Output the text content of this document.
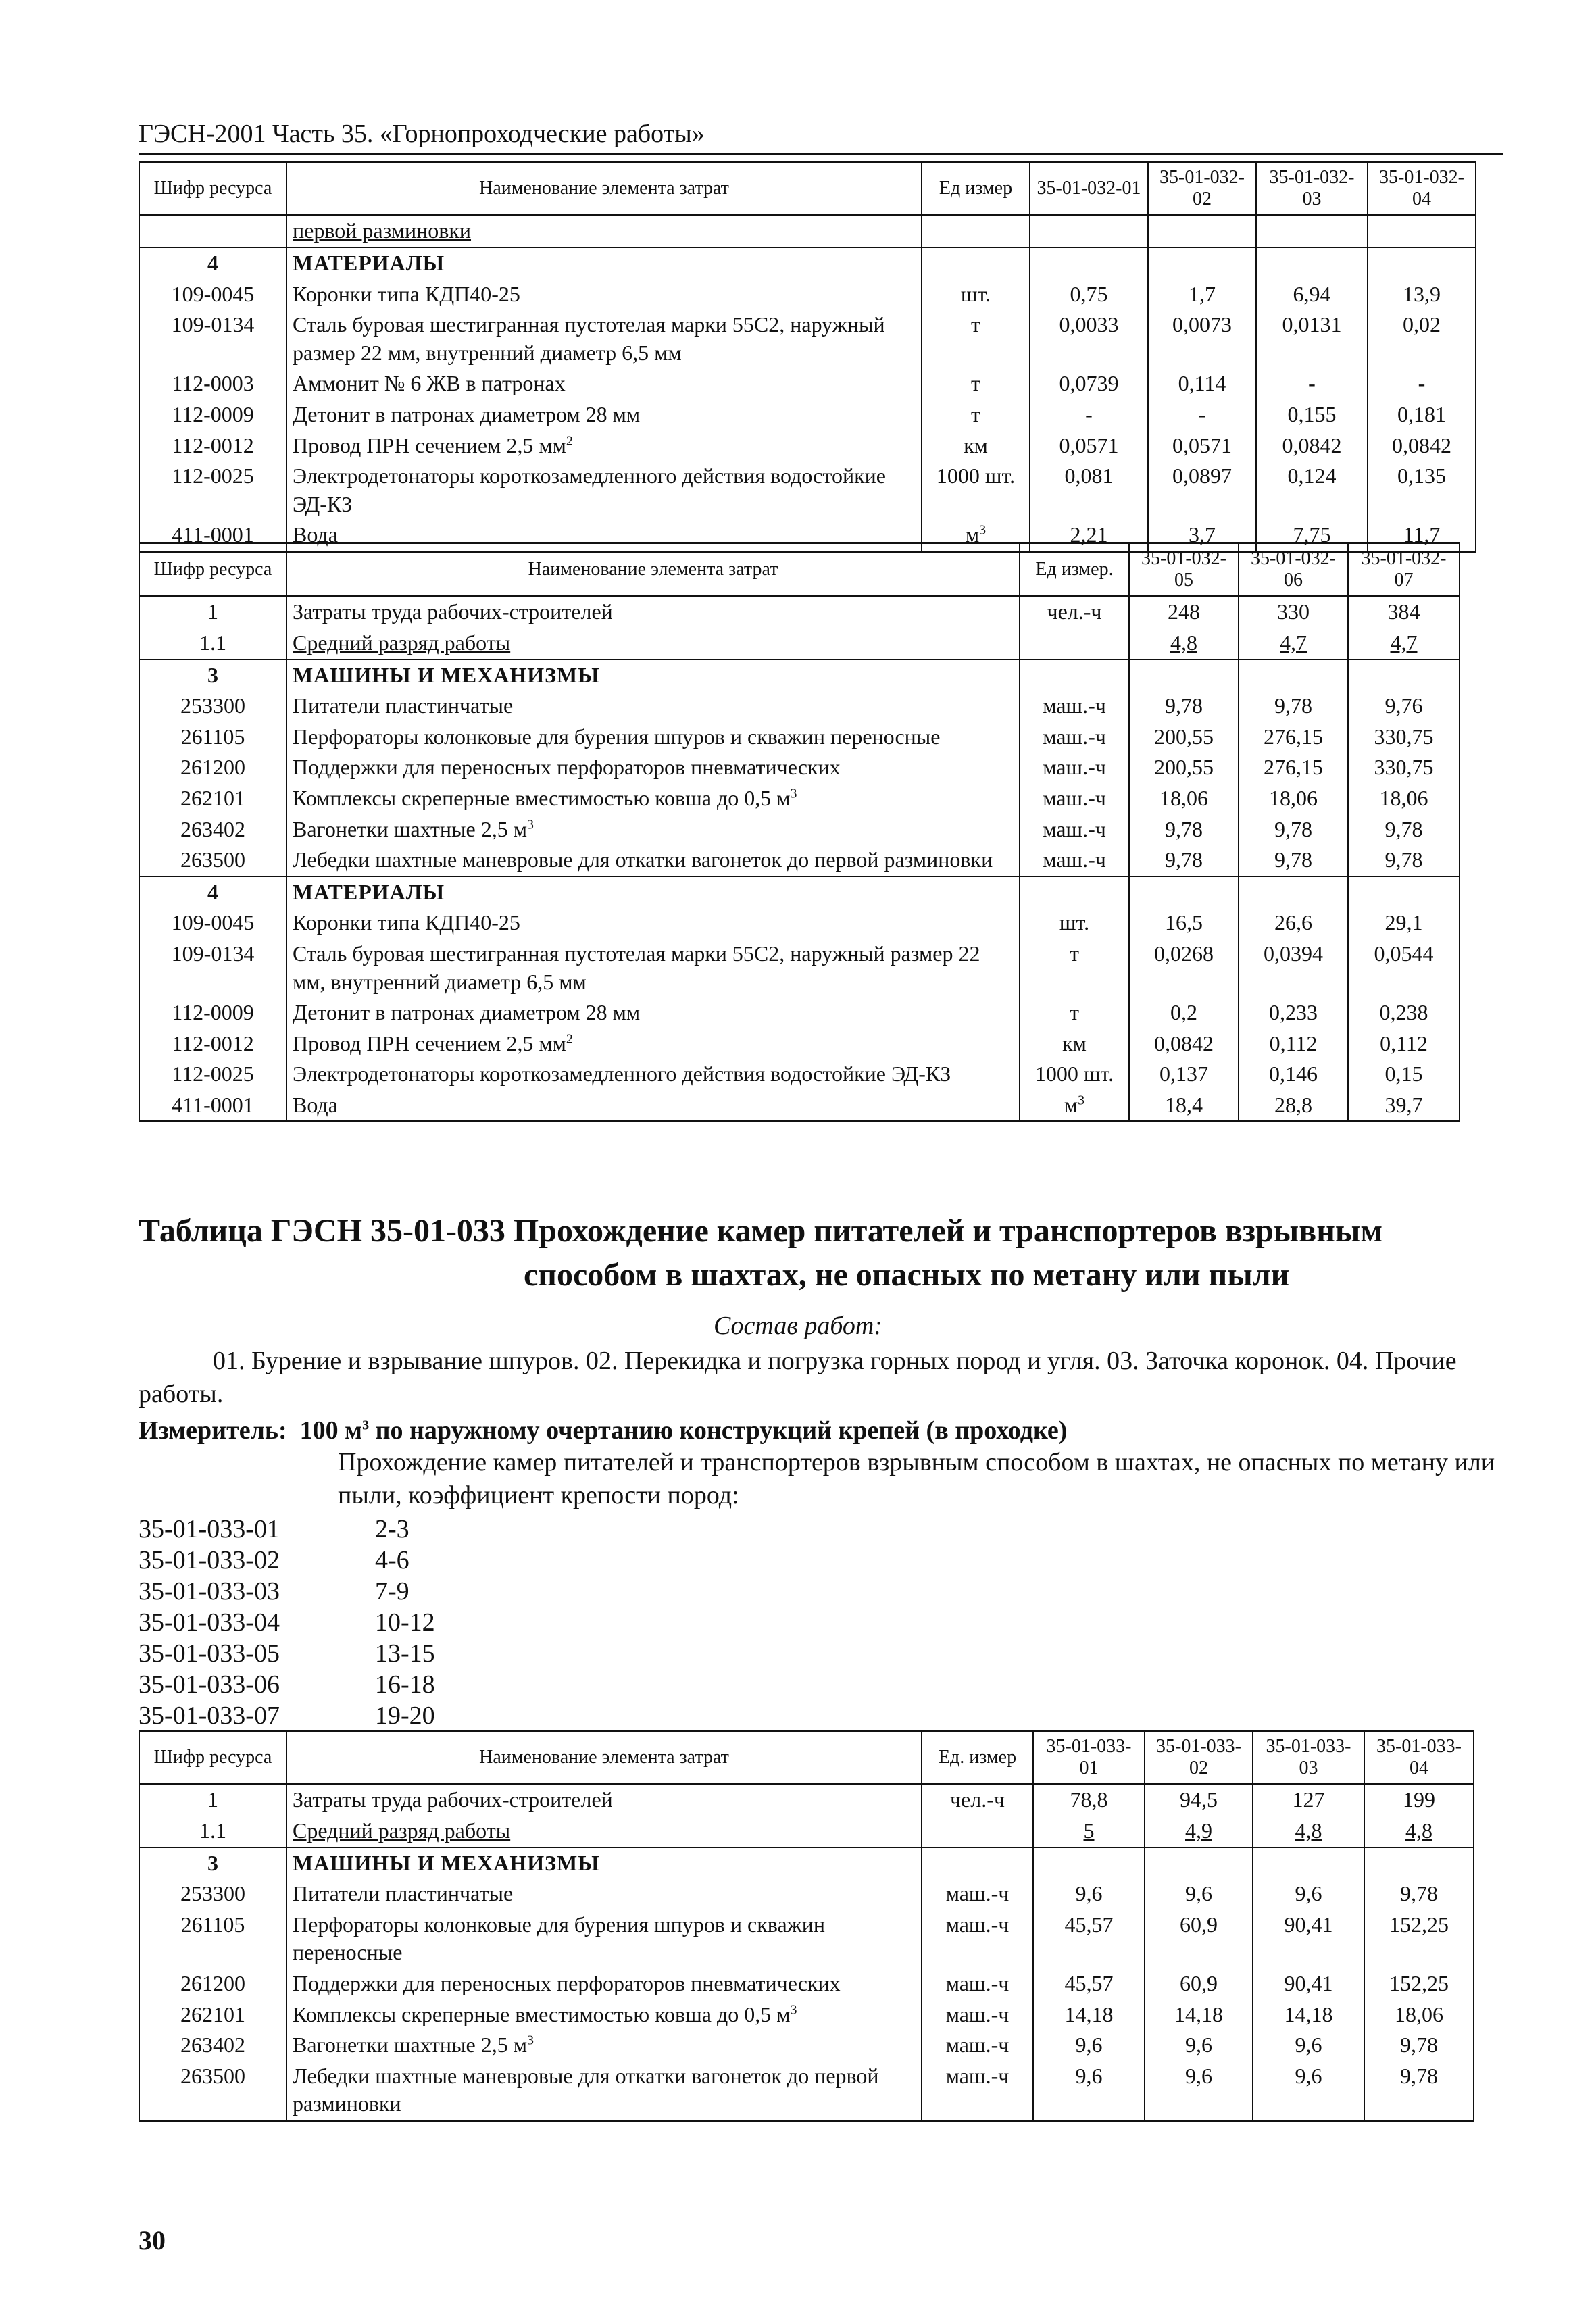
ГЭСН-2001 Часть 35. «Горнопроходческие работы»
Шифр ресурса	Наименование элемента затрат	Ед измер	35-01-032-01	35-01-032-02	35-01-032-03	35-01-032-04
	первой разминовки					
4	МАТЕРИАЛЫ					
109-0045	Коронки типа КДП40-25	шт.	0,75	1,7	6,94	13,9
109-0134	Сталь буровая шестигранная пустотелая марки 55С2, наружный размер 22 мм, внутренний диаметр 6,5 мм	т	0,0033	0,0073	0,0131	0,02
112-0003	Аммонит № 6 ЖВ в патронах	т	0,0739	0,114	-	-
112-0009	Детонит в патронах диаметром 28 мм	т	-	-	0,155	0,181
112-0012	Провод ПРН сечением 2,5 $мм^2$	км	0,0571	0,0571	0,0842	0,0842
112-0025	Электродетонаторы короткозамедленного действия водостойкие ЭД-КЗ	1000 шт.	0,081	0,0897	0,124	0,135
411-0001	Вода	$м^3$	2,21	3,7	7,75	11,7
Шифр ресурса	Наименование элемента затрат	Ед измер.	35-01-032-05	35-01-032-06	35-01-032-07
1	Затраты труда рабочих-строителей	чел.-ч	248	330	384
1.1	Средний разряд работы		4,8	4,7	4,7
3	МАШИНЫ И МЕХАНИЗМЫ				
253300	Питатели пластинчатые	маш.-ч	9,78	9,78	9,76
261105	Перфораторы колонковые для бурения шпуров и скважин переносные	маш.-ч	200,55	276,15	330,75
261200	Поддержки для переносных перфораторов пневматических	маш.-ч	200,55	276,15	330,75
262101	Комплексы скреперные вместимостью ковша до 0,5 $м^3$	маш.-ч	18,06	18,06	18,06
263402	Вагонетки шахтные 2,5 $м^3$	маш.-ч	9,78	9,78	9,78
263500	Лебедки шахтные маневровые для откатки вагонеток до первой разминовки	маш.-ч	9,78	9,78	9,78
4	МАТЕРИАЛЫ				
109-0045	Коронки типа КДП40-25	шт.	16,5	26,6	29,1
109-0134	Сталь буровая шестигранная пустотелая марки 55С2, наружный размер 22 мм, внутренний диаметр 6,5 мм	т	0,0268	0,0394	0,0544
112-0009	Детонит в патронах диаметром 28 мм	т	0,2	0,233	0,238
112-0012	Провод ПРН сечением 2,5 $мм^2$	км	0,0842	0,112	0,112
112-0025	Электродетонаторы короткозамедленного действия водостойкие ЭД-КЗ	1000 шт.	0,137	0,146	0,15
411-0001	Вода	$м^3$	18,4	28,8	39,7
Таблица ГЭСН 35-01-033 Прохождение камер питателей и транспортеров взрывным
способом в шахтах, не опасных по метану или пыли
Состав работ:
01. Бурение и взрывание шпуров. 02. Перекидка и погрузка горных пород и угля. 03. Заточка коронок. 04. Прочие работы.
Измеритель: 100 $м^3$ по наружному очертанию конструкций крепей (в проходке)
Прохождение камер питателей и транспортеров взрывным способом в шахтах, не опасных по метану или пыли, коэффициент крепости пород:
35-01-033-01	2-3
35-01-033-02	4-6
35-01-033-03	7-9
35-01-033-04	10-12
35-01-033-05	13-15
35-01-033-06	16-18
35-01-033-07	19-20
Шифр ресурса	Наименование элемента затрат	Ед. измер	35-01-033-01	35-01-033-02	35-01-033-03	35-01-033-04
1	Затраты труда рабочих-строителей	чел.-ч	78,8	94,5	127	199
1.1	Средний разряд работы		5	4,9	4,8	4,8
3	МАШИНЫ И МЕХАНИЗМЫ					
253300	Питатели пластинчатые	маш.-ч	9,6	9,6	9,6	9,78
261105	Перфораторы колонковые для бурения шпуров и скважин переносные	маш.-ч	45,57	60,9	90,41	152,25
261200	Поддержки для переносных перфораторов пневматических	маш.-ч	45,57	60,9	90,41	152,25
262101	Комплексы скреперные вместимостью ковша до 0,5 $м^3$	маш.-ч	14,18	14,18	14,18	18,06
263402	Вагонетки шахтные 2,5 $м^3$	маш.-ч	9,6	9,6	9,6	9,78
263500	Лебедки шахтные маневровые для откатки вагонеток до первой разминовки	маш.-ч	9,6	9,6	9,6	9,78
30
